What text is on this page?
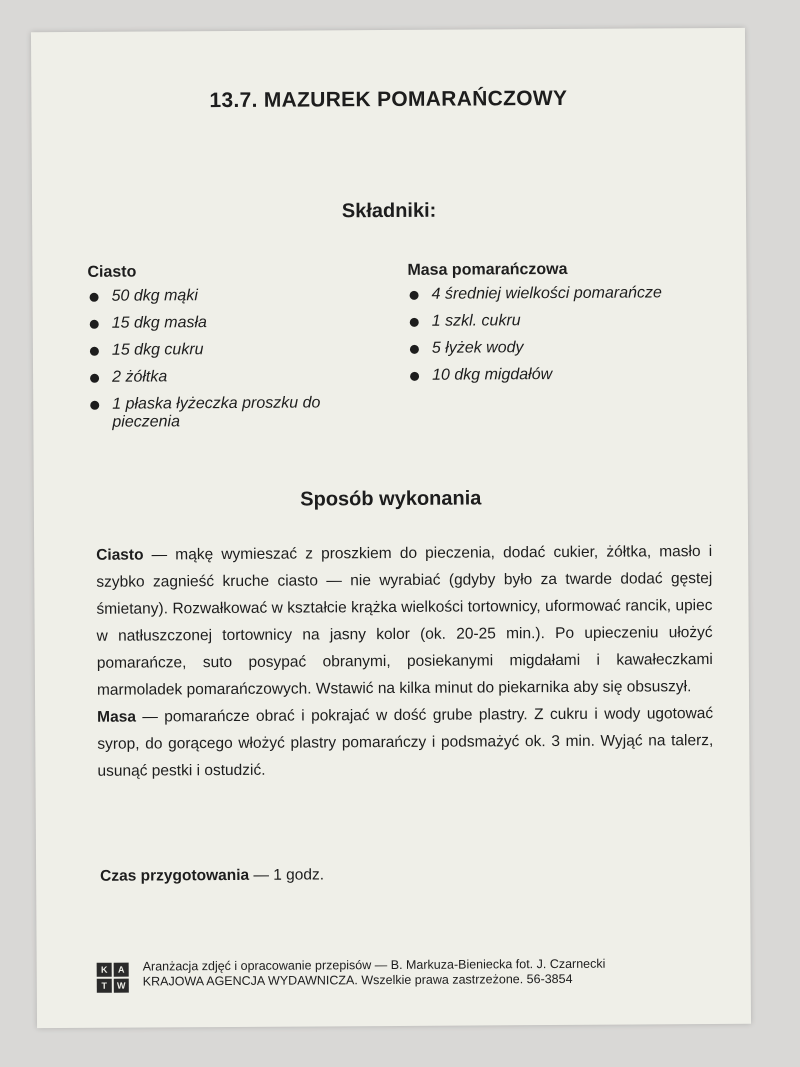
13.7. MAZUREK POMARAŃCZOWY
Składniki:
Ciasto
50 dkg mąki
15 dkg masła
15 dkg cukru
2 żółtka
1 płaska łyżeczka proszku do pieczenia
Masa pomarańczowa
4 średniej wielkości pomarańcze
1 szkl. cukru
5 łyżek wody
10 dkg migdałów
Sposób wykonania

Ciasto — mąkę wymieszać z proszkiem do pieczenia, dodać cukier, żółtka, masło i szybko zagnieść kruche ciasto — nie wyrabiać (gdyby było za twarde dodać gęstej śmietany). Rozwałkować w kształcie krążka wielkości tortownicy, uformować rancik, upiec w natłuszczonej tortownicy na jasny kolor (ok. 20-25 min.). Po upieczeniu ułożyć pomarańcze, suto posypać obranymi, posiekanymi migdałami i kawałeczkami marmoladek pomarańczowych. Wstawić na kilka minut do piekarnika aby się obsuszył.

Masa — pomarańcze obrać i pokrajać w dość grube plastry. Z cukru i wody ugotować syrop, do gorącego włożyć plastry pomarańczy i podsmażyć ok. 3 min. Wyjąć na talerz, usunąć pestki i ostudzić.

Czas przygotowania — 1 godz.
K	A
T	W
Aranżacja zdjęć i opracowanie przepisów — B. Markuza-Bieniecka fot. J. Czarnecki
KRAJOWA AGENCJA WYDAWNICZA. Wszelkie prawa zastrzeżone. 56-3854
